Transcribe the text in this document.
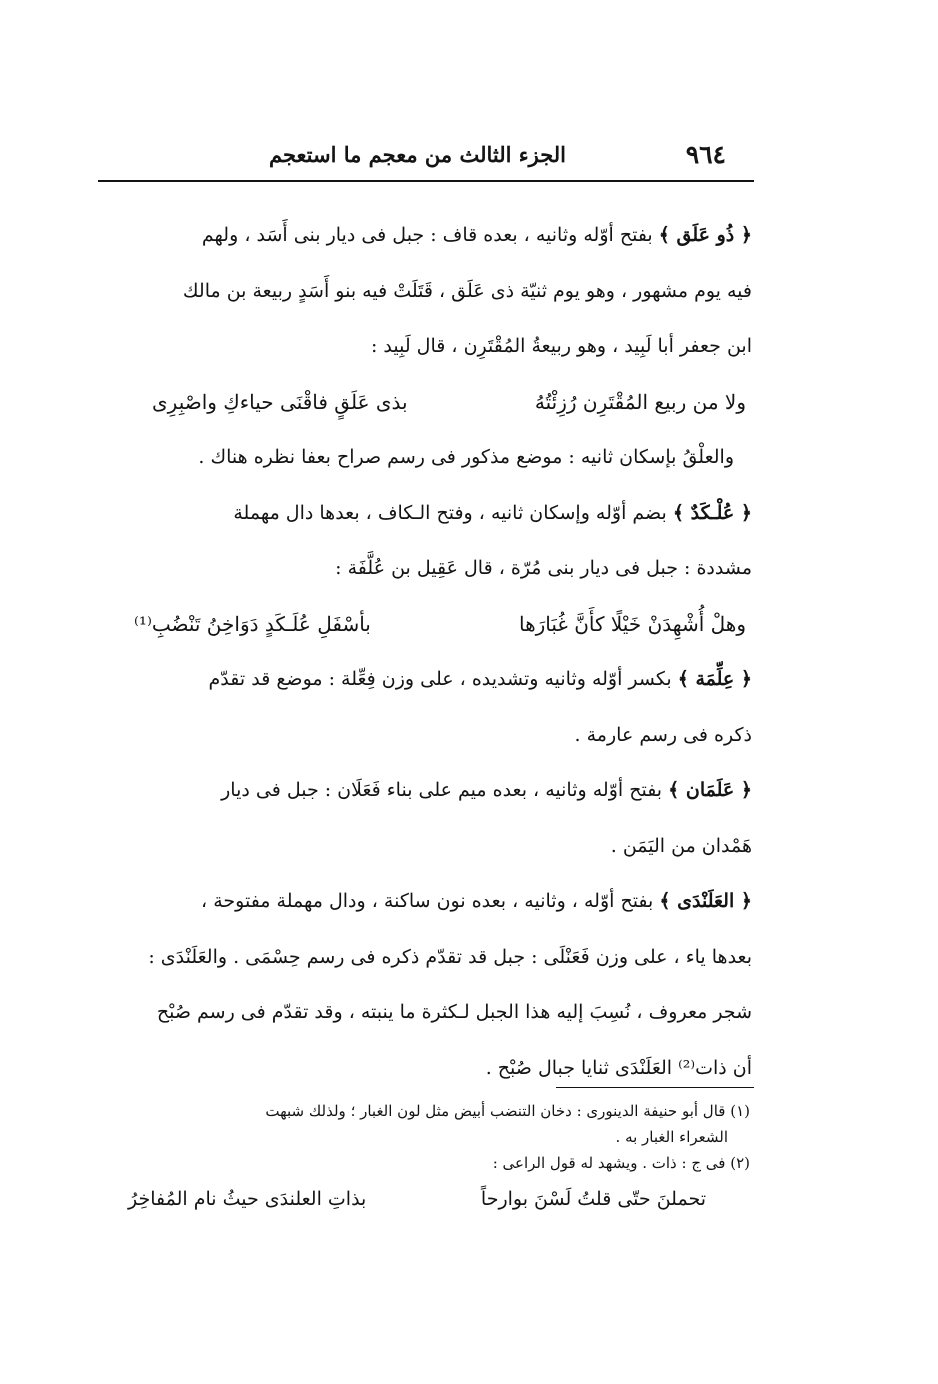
٩٦٤
الجزء الثالث من معجم ما استعجم

﴿ ذُو عَلَق ﴾ بفتح أوّله وثانيه ، بعده قاف : جبل فى ديار بنى أَسَد ، ولهم

فيه يوم مشهور ، وهو يوم ثنيّة ذى عَلَق ، قَتَلَتْ فيه بنو أَسَدٍ ربيعة بن مالك

ابن جعفر أبا لَبِيد ، وهو ربيعةُ المُقْتَرِن ، قال لَبِيد :

ولا من ربيع المُقْتَرِن رُزِئْتُهُ
بذى عَلَقٍ فاقْنَى حياءكِ واصْبِرِى

والعلْقُ بإسكان ثانيه : موضع مذكور فى رسم صراح بعفا نظره هناك .

﴿ عُلْـكَدٌ ﴾ بضم أوّله وإسكان ثانيه ، وفتح الـكاف ، بعدها دال مهملة

مشددة : جبل فى ديار بنى مُرّة ، قال عَقِيل بن عُلَّفَة :

وهلْ أُشْهِدَنْ خَيْلًا كأَنَّ غُبَارَها
بأسْفَلِ عُلَـكَدٍ دَوَاخِنُ تَنْضُبِ⁽¹⁾

﴿ عِلِّمَة ﴾ بكسر أوّله وثانيه وتشديده ، على وزن فِعِّلة : موضع قد تقدّم

ذكره فى رسم عارمة .

﴿ عَلَمَان ﴾ بفتح أوّله وثانيه ، بعده ميم على بناء فَعَلَان : جبل فى ديار

هَمْدان من اليَمَن .

﴿ العَلَنْدَى ﴾ بفتح أوّله ، وثانيه ، بعده نون ساكنة ، ودال مهملة مفتوحة ،

بعدها ياء ، على وزن فَعَنْلَى : جبل قد تقدّم ذكره فى رسم حِسْمَى . والعَلَنْدَى :

شجر معروف ، نُسِبَ إليه هذا الجبل لـكثرة ما ينبته ، وقد تقدّم فى رسم صُبْح

أن ذات⁽²⁾ العَلَنْدَى ثنايا جبال صُبْح .

(١) قال أبو حنيفة الدينورى : دخان التنضب أبيض مثل لون الغبار ؛ ولذلك شبهت

الشعراء الغبار به .

(٢) فى ج : ذات . ويشهد له قول الراعى :

تحملنَ حتّى قلتُ لَسْنَ بوارحاً
بذاتِ العلندَى حيثُ نام المُفاخِرُ
